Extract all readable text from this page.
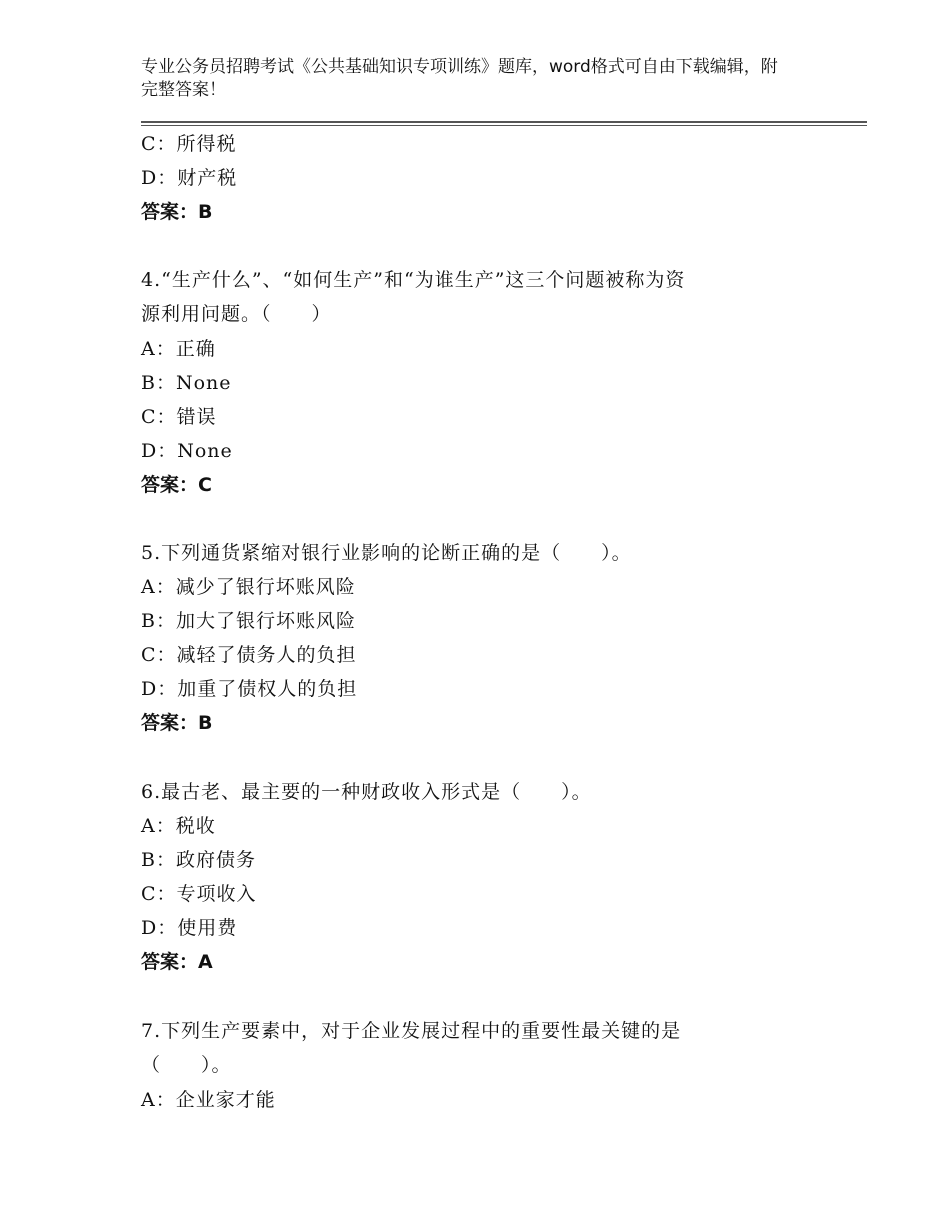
专业公务员招聘考试《公共基础知识专项训练》题库，word格式可自由下载编辑，附完整答案！
C：所得税
D：财产税
答案：B
4.“生产什么”、“如何生产”和“为谁生产”这三个问题被称为资
源利用问题。（　　）
A：正确
B：None
C：错误
D：None
答案：C
5.下列通货紧缩对银行业影响的论断正确的是（　　）。
A：减少了银行坏账风险
B：加大了银行坏账风险
C：减轻了债务人的负担
D：加重了债权人的负担
答案：B
6.最古老、最主要的一种财政收入形式是（　　）。
A：税收
B：政府债务
C：专项收入
D：使用费
答案：A
7.下列生产要素中，对于企业发展过程中的重要性最关键的是
（　　）。
A：企业家才能
